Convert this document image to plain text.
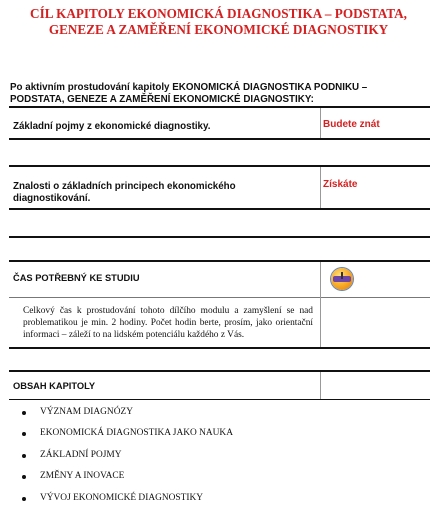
CÍL KAPITOLY EKONOMICKÁ DIAGNOSTIKA – PODSTATA,
GENEZE A ZAMĚŘENÍ EKONOMICKÉ DIAGNOSTIKY
Po aktivním prostudování kapitoly EKONOMICKÁ DIAGNOSTIKA PODNIKU –
PODSTATA, GENEZE A ZAMĚŘENÍ EKONOMICKÉ DIAGNOSTIKY:
Základní pojmy z ekonomické diagnostiky.	Budete znát
Znalosti o základních principech ekonomického
diagnostikování.
Získáte
ČAS POTŘEBNÝ KE STUDIU
Celkový čas k prostudování tohoto dílčího modulu a zamyšlení se nad problematikou je min. 2 hodiny. Počet hodin berte, prosím, jako orientační informaci – záleží to na lidském potenciálu každého z Vás.
OBSAH KAPITOLY
VÝZNAM DIAGNÓZY
EKONOMICKÁ DIAGNOSTIKA JAKO NAUKA
ZÁKLADNÍ POJMY
ZMĚNY A INOVACE
VÝVOJ EKONOMICKÉ DIAGNOSTIKY
